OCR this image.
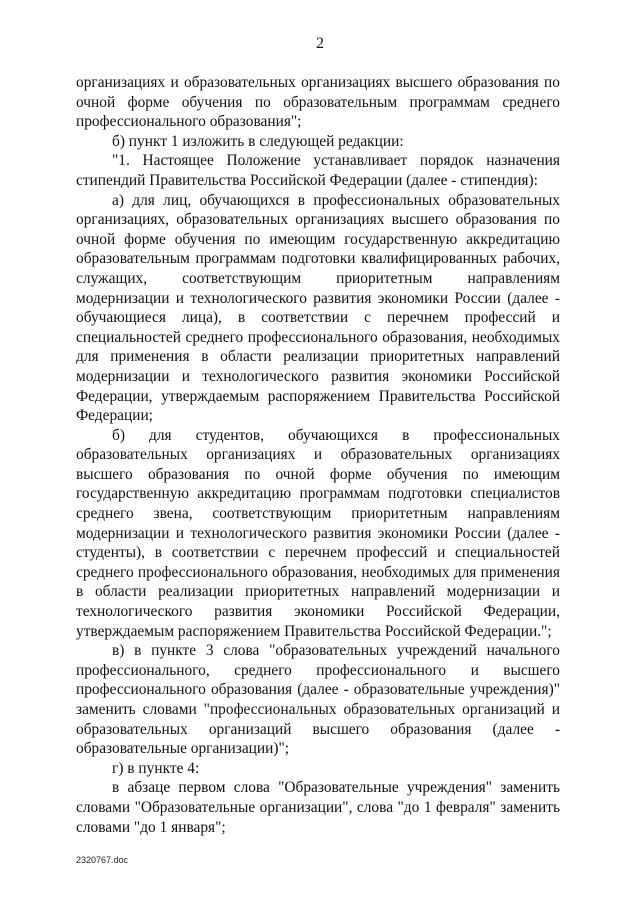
2

организациях и образовательных организациях высшего образования по очной форме обучения по образовательным программам среднего профессионального образования";

б) пункт 1 изложить в следующей редакции:

"1. Настоящее Положение устанавливает порядок назначения стипендий Правительства Российской Федерации (далее - стипендия):

а) для лиц, обучающихся в профессиональных образовательных организациях, образовательных организациях высшего образования по очной форме обучения по имеющим государственную аккредитацию образовательным программам подготовки квалифицированных рабочих, служащих, соответствующим приоритетным направлениям модернизации и технологического развития экономики России (далее - обучающиеся лица), в соответствии с перечнем профессий и специальностей среднего профессионального образования, необходимых для применения в области реализации приоритетных направлений модернизации и технологического развития экономики Российской Федерации, утверждаемым распоряжением Правительства Российской Федерации;

б) для студентов, обучающихся в профессиональных образовательных организациях и образовательных организациях высшего образования по очной форме обучения по имеющим государственную аккредитацию программам подготовки специалистов среднего звена, соответствующим приоритетным направлениям модернизации и технологического развития экономики России (далее - студенты), в соответствии с перечнем профессий и специальностей среднего профессионального образования, необходимых для применения в области реализации приоритетных направлений модернизации и технологического развития экономики Российской Федерации, утверждаемым распоряжением Правительства Российской Федерации.";

в) в пункте 3 слова "образовательных учреждений начального профессионального, среднего профессионального и высшего профессионального образования (далее - образовательные учреждения)" заменить словами "профессиональных образовательных организаций и образовательных организаций высшего образования (далее - образовательные организации)";

г) в пункте 4:

в абзаце первом слова "Образовательные учреждения" заменить словами "Образовательные организации", слова "до 1 февраля" заменить словами "до 1 января";

2320767.doc
